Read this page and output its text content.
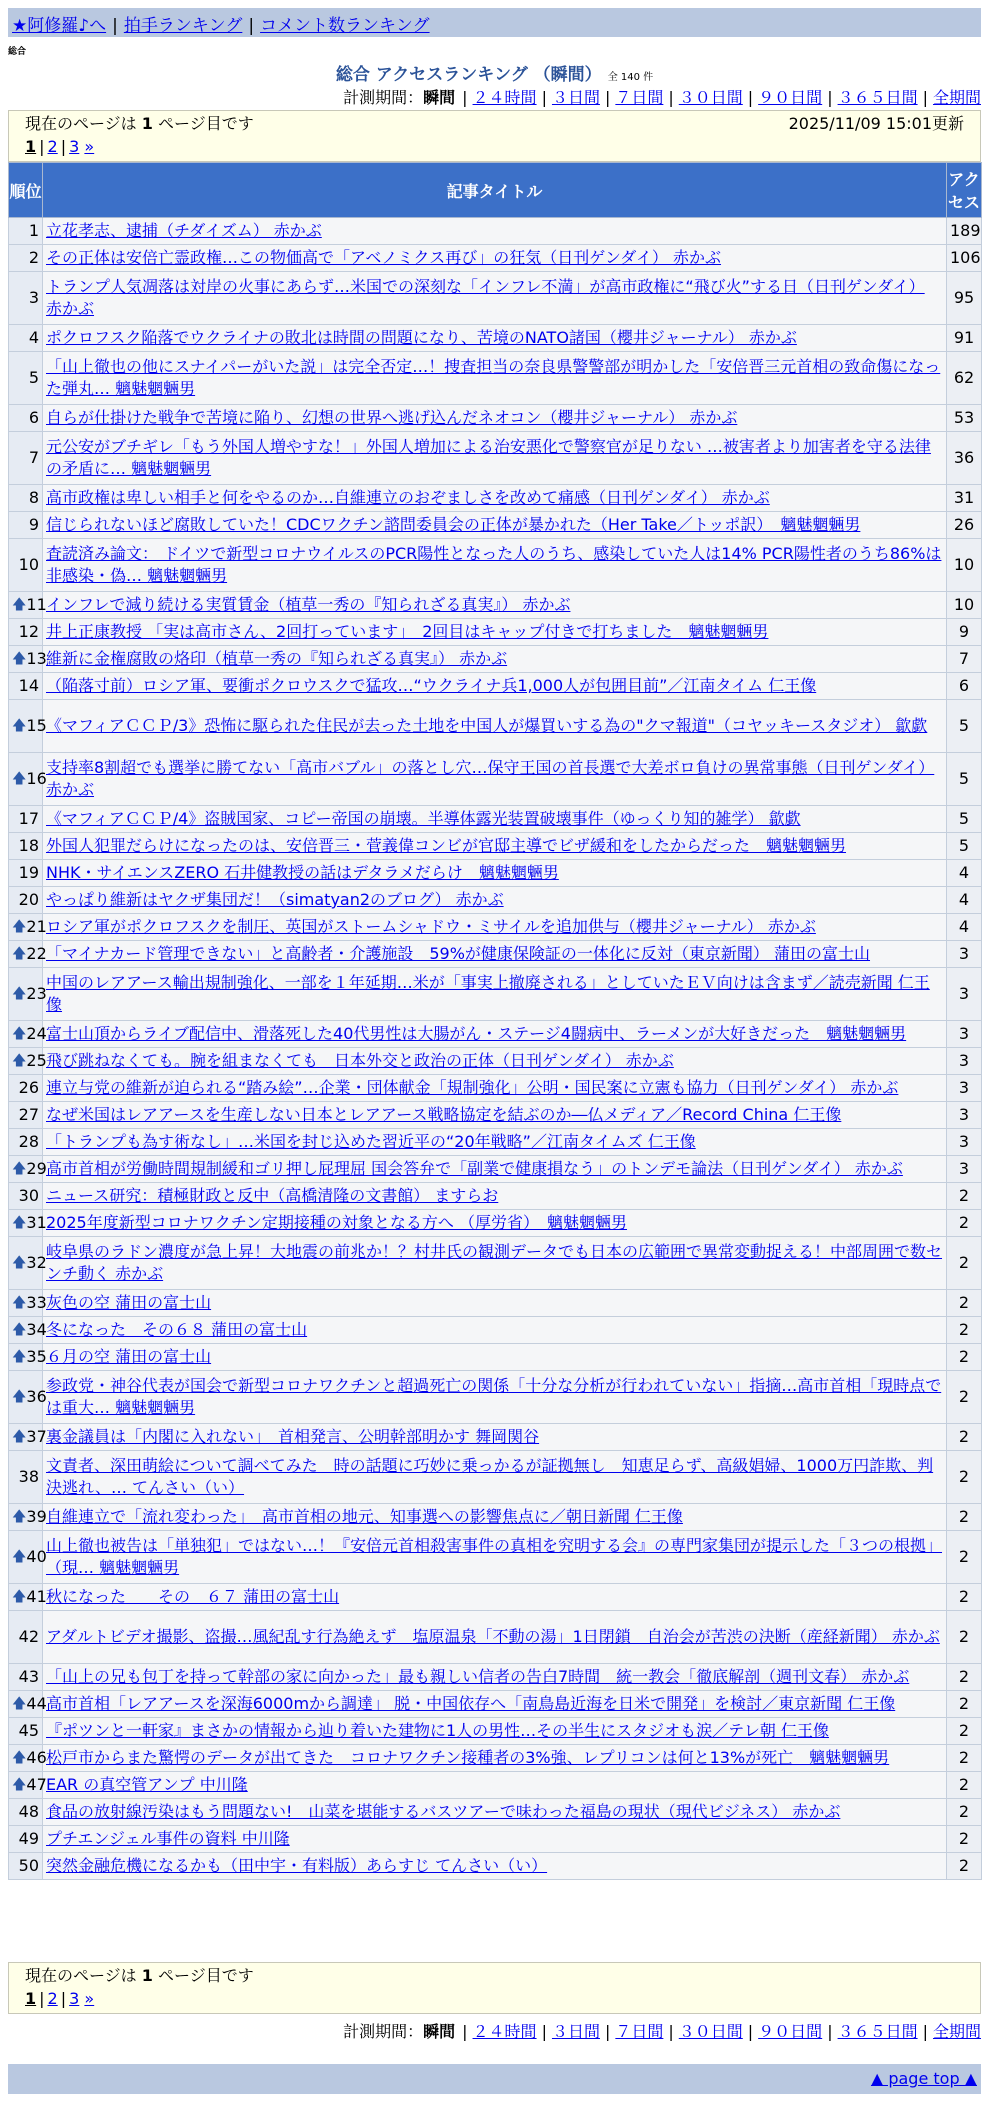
★阿修羅♪へ | 拍手ランキング | コメント数ランキング
総合
総合 アクセスランキング （瞬間） 全 140 件
計測期間：瞬間 | ２４時間 | ３日間 | ７日間 | ３０日間 | ９０日間 | ３６５日間 | 全期間
現在のページは 1 ページ目です	2025/11/09 15:01更新
1 | 2 | 3 »
順位	記事タイトル	アクセス
1	立花孝志、逮捕（チダイズム） 赤かぶ	189
2	その正体は安倍亡霊政権…この物価高で「アベノミクス再び」の狂気（日刊ゲンダイ） 赤かぶ	106
3	トランプ人気凋落は対岸の火事にあらず…米国での深刻な「インフレ不満」が高市政権に“飛び火”する日（日刊ゲンダイ） 赤かぶ	95
4	ポクロフスク陥落でウクライナの敗北は時間の問題になり、苦境のNATO諸国（櫻井ジャーナル） 赤かぶ	91
5	「山上徹也の他にスナイパーがいた説」は完全否定…！捜査担当の奈良県警警部が明かした「安倍晋三元首相の致命傷になった弾丸… 魑魅魍魎男	62
6	自らが仕掛けた戦争で苦境に陥り、幻想の世界へ逃げ込んだネオコン（櫻井ジャーナル） 赤かぶ	53
7	元公安がブチギレ「もう外国人増やすな！」外国人増加による治安悪化で警察官が足りない …被害者より加害者を守る法律の矛盾に… 魑魅魍魎男	36
8	高市政権は卑しい相手と何をやるのか…自維連立のおぞましさを改めて痛感（日刊ゲンダイ） 赤かぶ	31
9	信じられないほど腐敗していた！CDCワクチン諮問委員会の正体が暴かれた（Her Take／トッポ訳）　魑魅魍魎男	26
10	査読済み論文： ドイツで新型コロナウイルスのPCR陽性となった人のうち、感染していた人は14% PCR陽性者のうち86%は非感染・偽… 魑魅魍魎男	10

🡅 11	インフレで減り続ける実質賃金（植草一秀の『知られざる真実』） 赤かぶ	10
12	井上正康教授 「実は高市さん、2回打っています」　2回目はキャップ付きで打ちました　魑魅魍魎男	9

🡅 13	維新に金権腐敗の烙印（植草一秀の『知られざる真実』） 赤かぶ	7
14	（陥落寸前）ロシア軍、要衝ポクロウスクで猛攻…“ウクライナ兵1,000人が包囲目前”／江南タイム 仁王像	6

🡅 15	《マフィアＣＣＰ/3》恐怖に駆られた住民が去った土地を中国人が爆買いする為の"クマ報道"（コヤッキースタジオ） 歙歔	5

🡅 16	支持率8割超でも選挙に勝てない「高市バブル」の落とし穴…保守王国の首長選で大差ボロ負けの異常事態（日刊ゲンダイ） 赤かぶ	5
17	《マフィアＣＣＰ/4》盗賊国家、コピー帝国の崩壊。半導体露光装置破壊事件（ゆっくり知的雑学） 歙歔	5
18	外国人犯罪だらけになったのは、安倍晋三・菅義偉コンビが官邸主導でビザ緩和をしたからだった　魑魅魍魎男	5
19	NHK・サイエンスZERO 石井健教授の話はデタラメだらけ　魑魅魍魎男	4
20	やっぱり維新はヤクザ集団だ！（simatyan2のブログ） 赤かぶ	4

🡅 21	ロシア軍がポクロフスクを制圧、英国がストームシャドウ・ミサイルを追加供与（櫻井ジャーナル） 赤かぶ	4

🡅 22	「マイナカード管理できない」と高齢者・介護施設　59%が健康保険証の一体化に反対（東京新聞） 蒲田の富士山	3

🡅 23	中国のレアアース輸出規制強化、一部を１年延期…米が「事実上撤廃される」としていたＥＶ向けは含まず／読売新聞 仁王像	3

🡅 24	富士山頂からライブ配信中、滑落死した40代男性は大腸がん・ステージ4闘病中、ラーメンが大好きだった　魑魅魍魎男	3

🡅 25	飛び跳ねなくても。腕を組まなくても　日本外交と政治の正体（日刊ゲンダイ） 赤かぶ	3
26	連立与党の維新が迫られる“踏み絵”…企業・団体献金「規制強化」公明・国民案に立憲も協力（日刊ゲンダイ） 赤かぶ	3
27	なぜ米国はレアアースを生産しない日本とレアアース戦略協定を結ぶのか―仏メディア／Record China 仁王像	3
28	「トランプも為す術なし」…米国を封じ込めた習近平の“20年戦略”／江南タイムズ 仁王像	3

🡅 29	高市首相が労働時間規制緩和ゴリ押し屁理屈 国会答弁で「副業で健康損なう」のトンデモ論法（日刊ゲンダイ） 赤かぶ	3
30	ニュース研究：積極財政と反中（高橋清隆の文書館） ますらお	2

🡅 31	2025年度新型コロナワクチン定期接種の対象となる方へ （厚労省）　魑魅魍魎男	2

🡅 32	岐阜県のラドン濃度が急上昇！大地震の前兆か！？村井氏の観測データでも日本の広範囲で異常変動捉える！中部周囲で数センチ動く 赤かぶ	2

🡅 33	灰色の空 蒲田の富士山	2

🡅 34	冬になった　その６８ 蒲田の富士山	2

🡅 35	６月の空 蒲田の富士山	2

🡅 36	参政党・神谷代表が国会で新型コロナワクチンと超過死亡の関係「十分な分析が行われていない」指摘…高市首相「現時点では重大… 魑魅魍魎男	2

🡅 37	裏金議員は「内閣に入れない」　首相発言、公明幹部明かす 舞岡関谷	2
38	文責者、深田萌絵について調べてみた　時の話題に巧妙に乗っかるが証拠無し　知恵足らず、高級娼婦、1000万円詐欺、判決逃れ、… てんさい（い）	2

🡅 39	自維連立で「流れ変わった」　高市首相の地元、知事選への影響焦点に／朝日新聞 仁王像	2

🡅 40	山上徹也被告は「単独犯」ではない…！『安倍元首相殺害事件の真相を究明する会』の専門家集団が提示した「３つの根拠」（現… 魑魅魍魎男	2

🡅 41	秋になった　　その　６７ 蒲田の富士山	2
42	アダルトビデオ撮影、盗撮…風紀乱す行為絶えず　塩原温泉「不動の湯」1日閉鎖　自治会が苦渋の決断（産経新聞） 赤かぶ	2
43	「山上の兄も包丁を持って幹部の家に向かった」最も親しい信者の告白7時間　統一教会「徹底解剖（週刊文春） 赤かぶ	2

🡅 44	高市首相「レアアースを深海6000mから調達」 脱・中国依存へ「南鳥島近海を日米で開発」を検討／東京新聞 仁王像	2
45	『ポツンと一軒家』まさかの情報から辿り着いた建物に1人の男性…その半生にスタジオも涙／テレ朝 仁王像	2

🡅 46	松戸市からまた驚愕のデータが出てきた　コロナワクチン接種者の3%強、レプリコンは何と13%が死亡　魑魅魍魎男	2

🡅 47	EAR の真空管アンプ 中川隆	2
48	食品の放射線汚染はもう問題ない!　山菜を堪能するバスツアーで味わった福島の現状（現代ビジネス） 赤かぶ	2
49	プチエンジェル事件の資料 中川隆	2
50	突然金融危機になるかも（田中宇・有料版）あらすじ てんさい（い）	2
現在のページは 1 ページ目です
1 | 2 | 3 »
計測期間：瞬間 | ２４時間 | ３日間 | ７日間 | ３０日間 | ９０日間 | ３６５日間 | 全期間
▲ page top ▲
